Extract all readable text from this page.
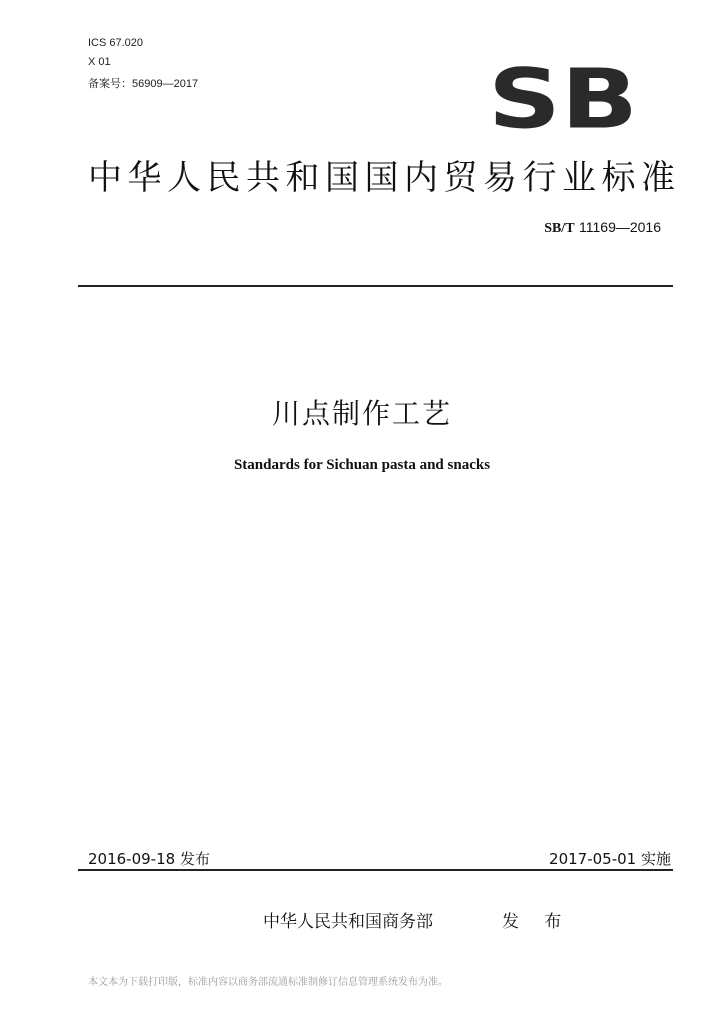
ICS 67.020
X 01
备案号：56909—2017	SB
中华人民共和国国内贸易行业标准
SB/T 11169—2016
川点制作工艺
Standards for Sichuan pasta and snacks
2016-09-18 发布	2017-05-01 实施
中华人民共和国商务部	发 布
本文本为下载打印版，标准内容以商务部流通标准制修订信息管理系统发布为准。
